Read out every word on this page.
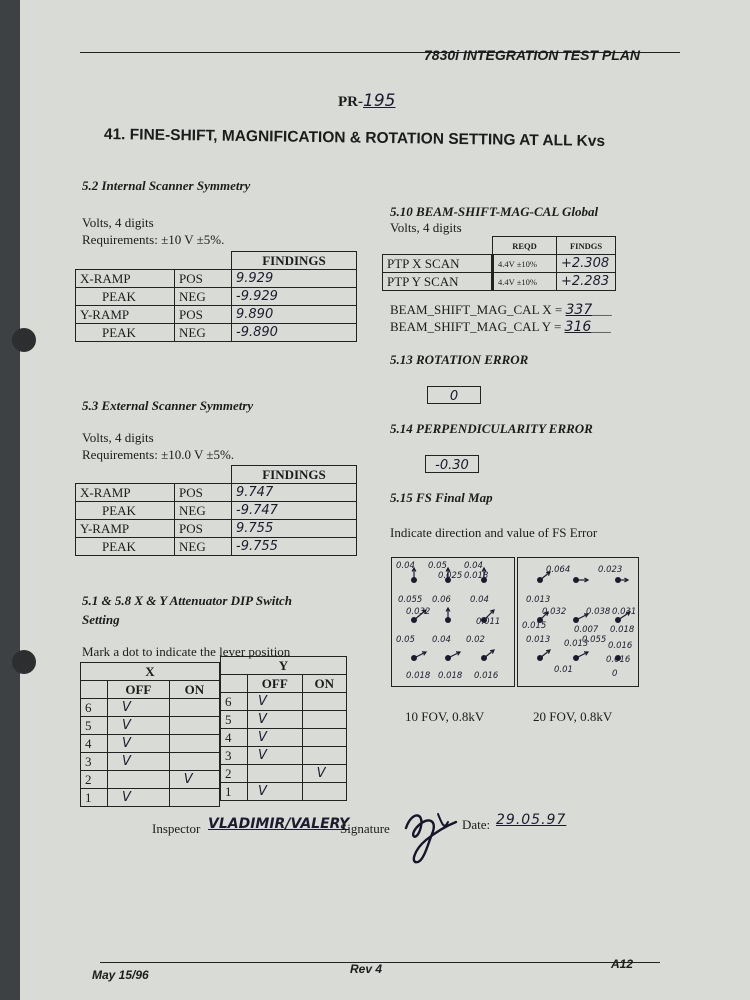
7830i INTEGRATION TEST PLAN
PR-195
41. FINE-SHIFT, MAGNIFICATION & ROTATION SETTING AT ALL Kvs
5.2 Internal Scanner Symmetry
Volts, 4 digits
Requirements: ±10 V ±5%.
		FINDINGS
X-RAMP	POS	9.929
PEAK	NEG	-9.929
Y-RAMP	POS	9.890
PEAK	NEG	-9.890
5.3 External Scanner Symmetry
Volts, 4 digits
Requirements: ±10.0 V ±5%.
		FINDINGS
X-RAMP	POS	9.747
PEAK	NEG	-9.747
Y-RAMP	POS	9.755
PEAK	NEG	-9.755
5.1 & 5.8 X & Y Attenuator DIP Switch
Setting
Mark a dot to indicate the lever position
X		
	OFF	ON
6	V	
5	V	
4	V	
3	V	
2		V
1	V	
Y		
	OFF	ON
6	V	
5	V	
4	V	
3	V	
2		V
1	V	
5.10 BEAM-SHIFT-MAG-CAL Global
Volts, 4 digits
	REQD	FINDGS
PTP X SCAN	4.4V ±10%	+2.308
PTP Y SCAN	4.4V ±10%	+2.283
BEAM_SHIFT_MAG_CAL X = 337___
BEAM_SHIFT_MAG_CAL Y = 316___
5.13 ROTATION ERROR
0
5.14 PERPENDICULARITY ERROR
-0.30
5.15 FS Final Map
Indicate direction and value of FS Error
0.04 0.05 0.04
0.025 0.018
0.055 0.06 0.04
0.032
0.011
0.05 0.04 0.02
0.018 0.018 0.016
0.064	0.023
0.013
0.013
0.032 0.038 0.031
0.015	0.007 0.018
0.013 0.016
0.055
0.016
0.01	0
10 FOV, 0.8kV	20 FOV, 0.8kV
Inspector VLADIMIR/VALERY
Signature	Date: 29.05.97
May 15/96	Rev 4	A12
